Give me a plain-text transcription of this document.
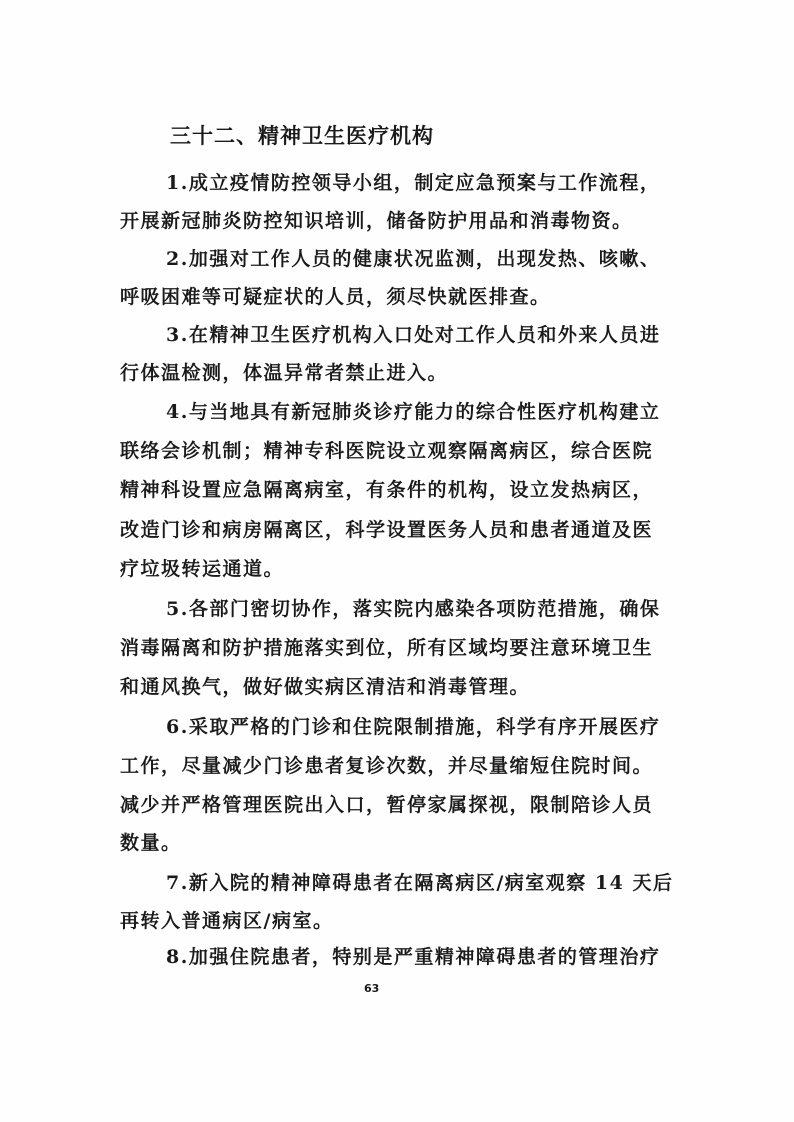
三十二、精神卫生医疗机构
1.成立疫情防控领导小组，制定应急预案与工作流程，
开展新冠肺炎防控知识培训，储备防护用品和消毒物资。
2.加强对工作人员的健康状况监测，出现发热、咳嗽、
呼吸困难等可疑症状的人员，须尽快就医排查。
3.在精神卫生医疗机构入口处对工作人员和外来人员进
行体温检测，体温异常者禁止进入。
4.与当地具有新冠肺炎诊疗能力的综合性医疗机构建立
联络会诊机制；精神专科医院设立观察隔离病区，综合医院
精神科设置应急隔离病室，有条件的机构，设立发热病区，
改造门诊和病房隔离区，科学设置医务人员和患者通道及医
疗垃圾转运通道。
5.各部门密切协作，落实院内感染各项防范措施，确保
消毒隔离和防护措施落实到位，所有区域均要注意环境卫生
和通风换气，做好做实病区清洁和消毒管理。
6.采取严格的门诊和住院限制措施，科学有序开展医疗
工作，尽量减少门诊患者复诊次数，并尽量缩短住院时间。
减少并严格管理医院出入口，暂停家属探视，限制陪诊人员
数量。
7.新入院的精神障碍患者在隔离病区/病室观察 14 天后
再转入普通病区/病室。
8.加强住院患者，特别是严重精神障碍患者的管理治疗
63
